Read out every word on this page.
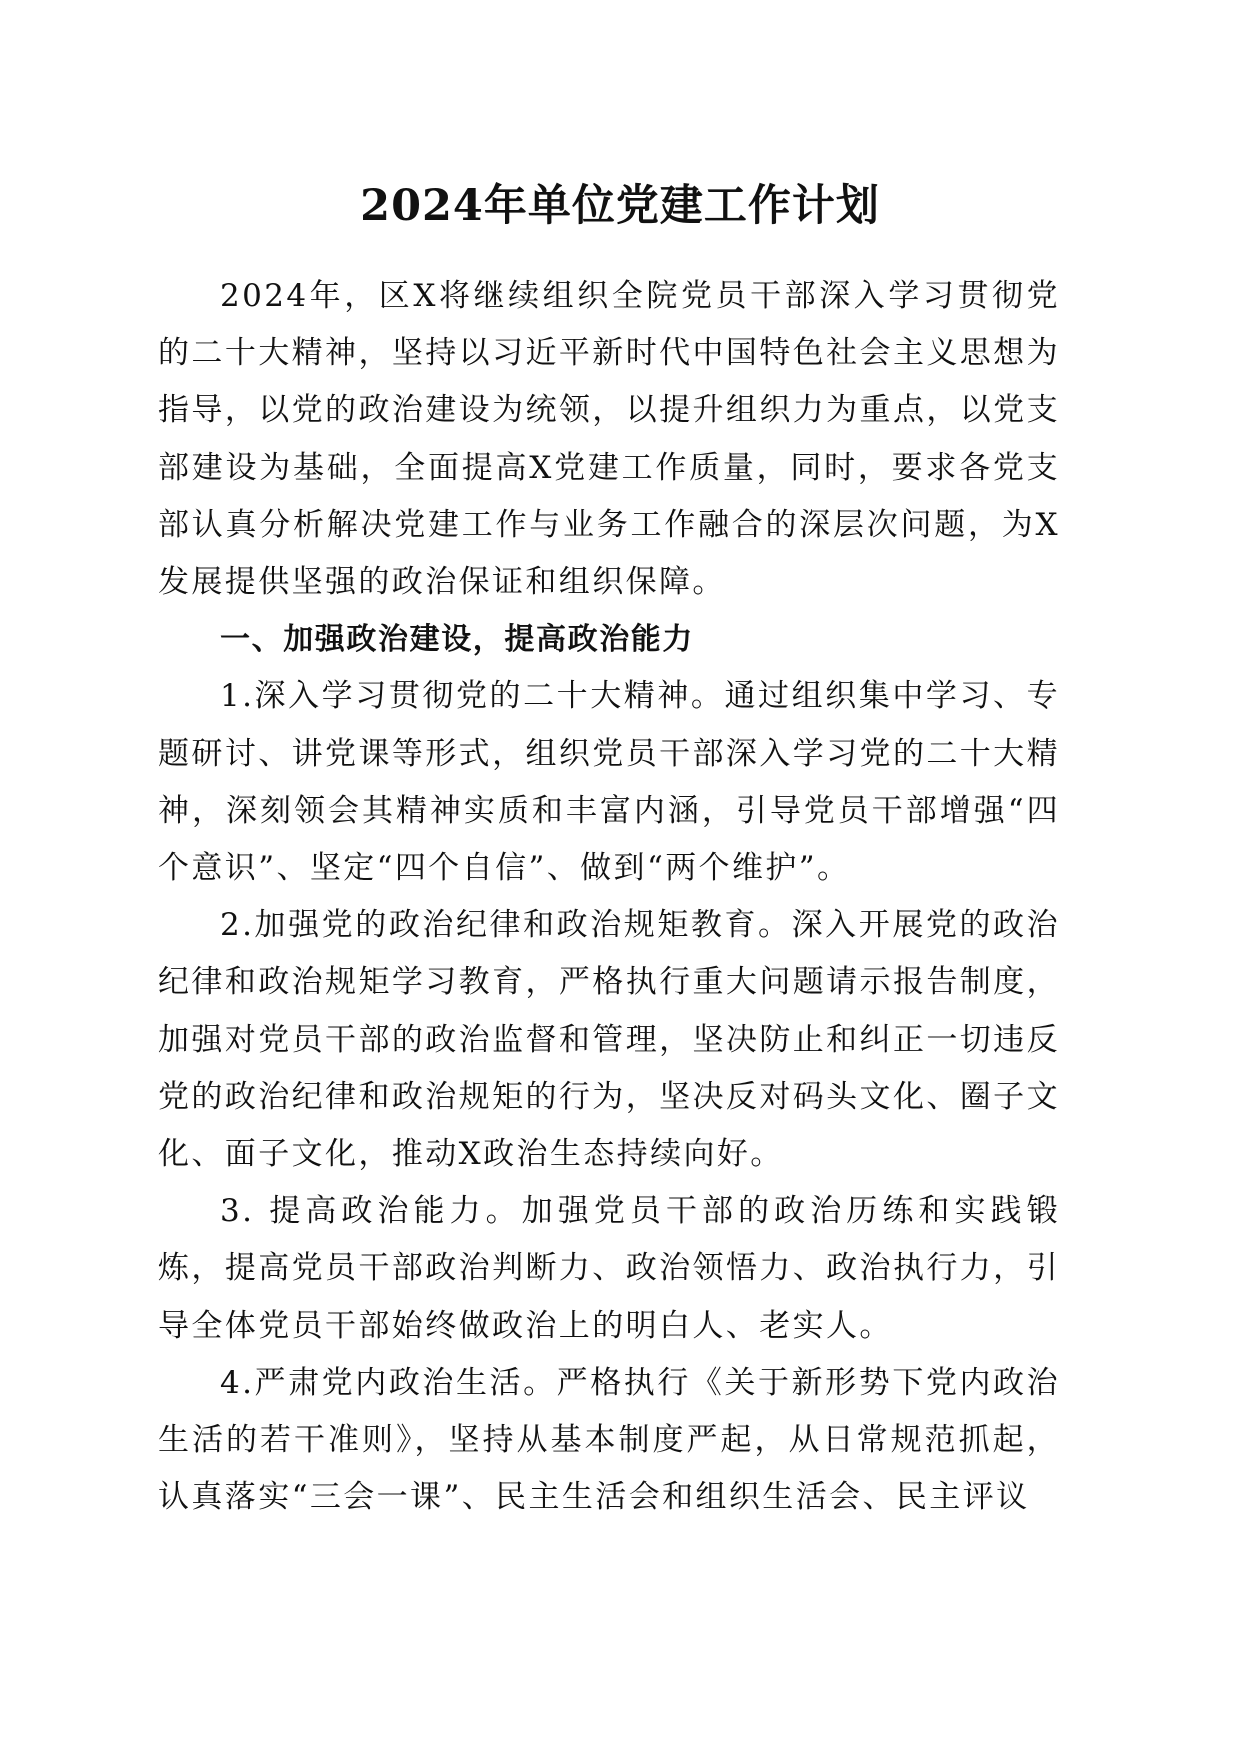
2024年单位党建工作计划

2024年，区X将继续组织全院党员干部深入学习贯彻党的二十大精神，坚持以习近平新时代中国特色社会主义思想为指导，以党的政治建设为统领，以提升组织力为重点，以党支部建设为基础，全面提高X党建工作质量，同时，要求各党支部认真分析解决党建工作与业务工作融合的深层次问题，为X发展提供坚强的政治保证和组织保障。

一、加强政治建设，提高政治能力

1.深入学习贯彻党的二十大精神。通过组织集中学习、专题研讨、讲党课等形式，组织党员干部深入学习党的二十大精神，深刻领会其精神实质和丰富内涵，引导党员干部增强“四个意识”、坚定“四个自信”、做到“两个维护”。

2.加强党的政治纪律和政治规矩教育。深入开展党的政治纪律和政治规矩学习教育，严格执行重大问题请示报告制度，加强对党员干部的政治监督和管理，坚决防止和纠正一切违反党的政治纪律和政治规矩的行为，坚决反对码头文化、圈子文化、面子文化，推动X政治生态持续向好。

3. 提高政治能力。加强党员干部的政治历练和实践锻炼，提高党员干部政治判断力、政治领悟力、政治执行力，引导全体党员干部始终做政治上的明白人、老实人。

4.严肃党内政治生活。严格执行《关于新形势下党内政治生活的若干准则》，坚持从基本制度严起，从日常规范抓起，认真落实“三会一课”、民主生活会和组织生活会、民主评议
